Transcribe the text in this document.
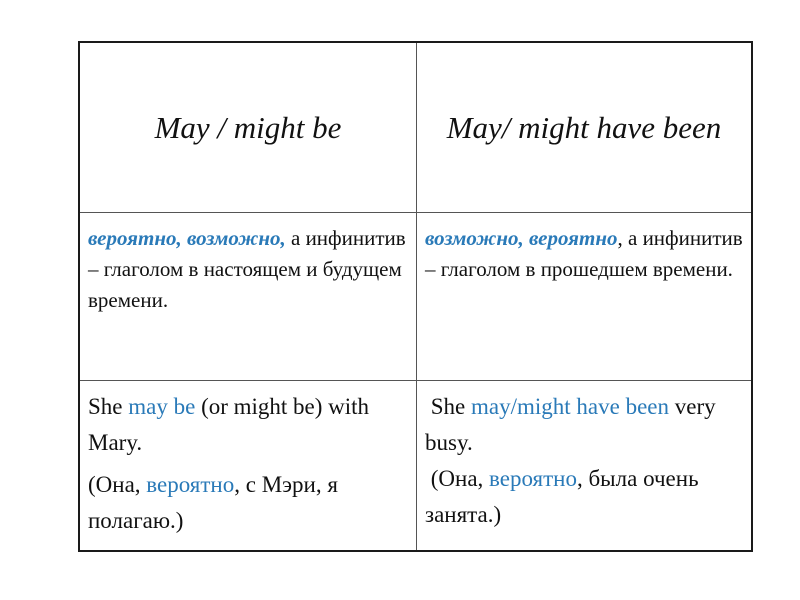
May / might be	May/ might have been
вероятно, возможно, а инфинитив – глаголом в настоящем и будущем времени.
возможно, вероятно, а инфинитив – глаголом в прошедшем времени.

She may be (or might be) with Mary.

(Она, вероятно, с Мэри, я полагаю.)

She may/might have been very busy.

(Она, вероятно, была очень занята.)
